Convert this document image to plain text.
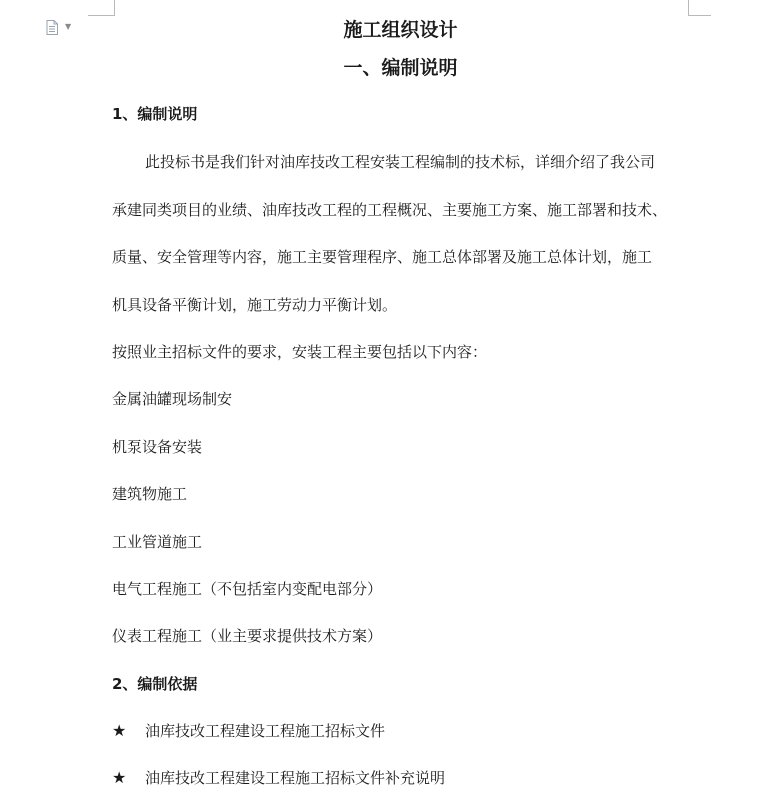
▼	施工组织设计
一、编制说明
1、编制说明

此投标书是我们针对油库技改工程安装工程编制的技术标，详细介绍了我公司

承建同类项目的业绩、油库技改工程的工程概况、主要施工方案、施工部署和技术、

质量、安全管理等内容，施工主要管理程序、施工总体部署及施工总体计划，施工

机具设备平衡计划，施工劳动力平衡计划。

按照业主招标文件的要求，安装工程主要包括以下内容：

金属油罐现场制安

机泵设备安装

建筑物施工

工业管道施工

电气工程施工（不包括室内变配电部分）

仪表工程施工（业主要求提供技术方案）

2、编制依据
★ 油库技改工程建设工程施工招标文件
★ 油库技改工程建设工程施工招标文件补充说明
